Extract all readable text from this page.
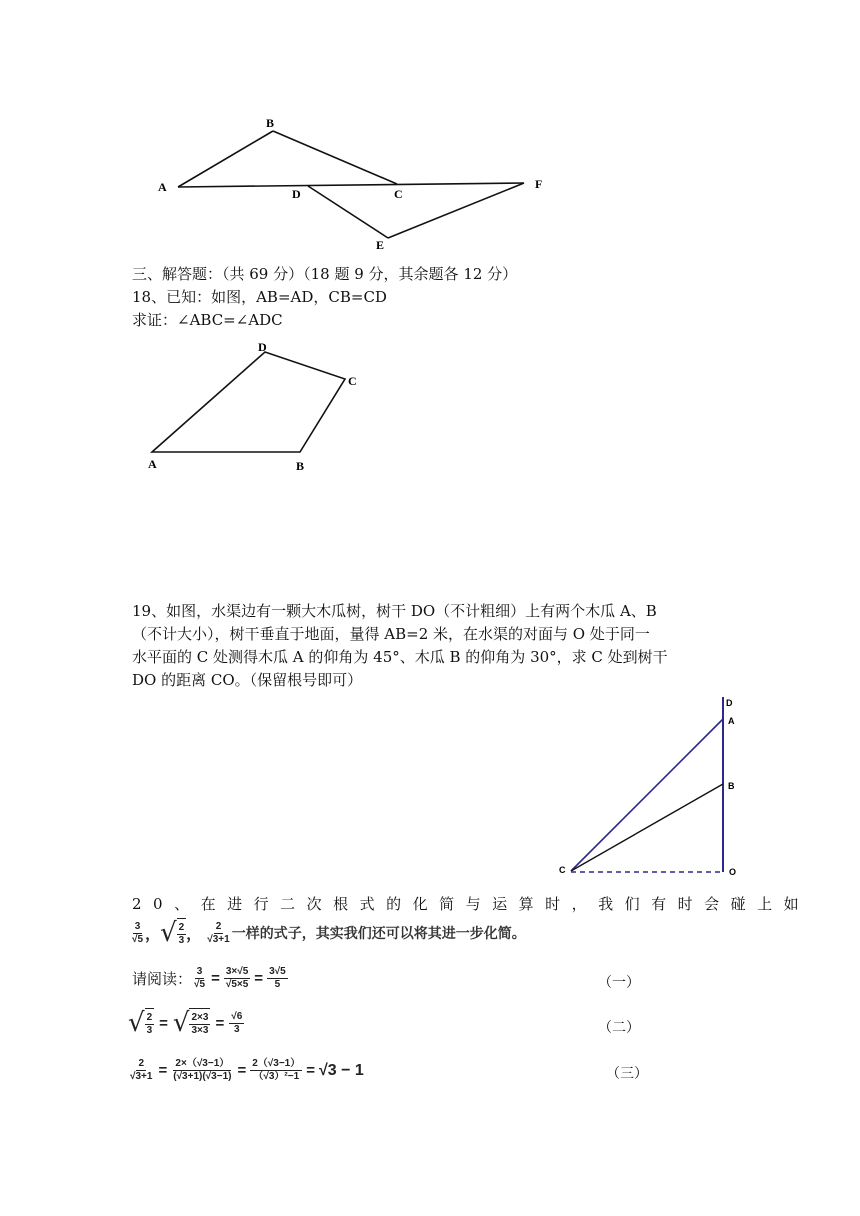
A
B
C
D
E
F
三、解答题：（共 69 分）（18 题 9 分，其余题各 12 分）
18、已知：如图，AB=AD，CB=CD
求证：∠ABC=∠ADC
A	B
C
D
19、如图，水渠边有一颗大木瓜树，树干 DO（不计粗细）上有两个木瓜 A、B
（不计大小），树干垂直于地面，量得 AB=2 米，在水渠的对面与 O 处于同一
水平面的 C 处测得木瓜 A 的仰角为 45°、木瓜 B 的仰角为 30°，求 C 处到树干
DO 的距离 CO。（保留根号即可）
D
A
B
C	O
20、在进行二次根式的化简与运算时，我们有时会碰上如
$\frac{3}{√5}$ ， √ $\frac{2}{3}$ ， $\frac{2}{√3+1}$ 一样的式子，其实我们还可以将其进一步化简。
请阅读： $\frac{3}{√5} = \frac{3\times√5}{√5\times 5} = \frac{3√5}{5}$	（一）
√ $\frac{2}{3}$ = √ $\frac{2\times 3}{3\times 3} = \frac{√6}{3}$	（二）
$\frac{2}{√3+1} = \frac{2\times(√3-1)}{(√3+1)(√3-1)} = \frac{2(√3-1)}{\text{（√3）²−1}} = √3 - 1$	（三）
